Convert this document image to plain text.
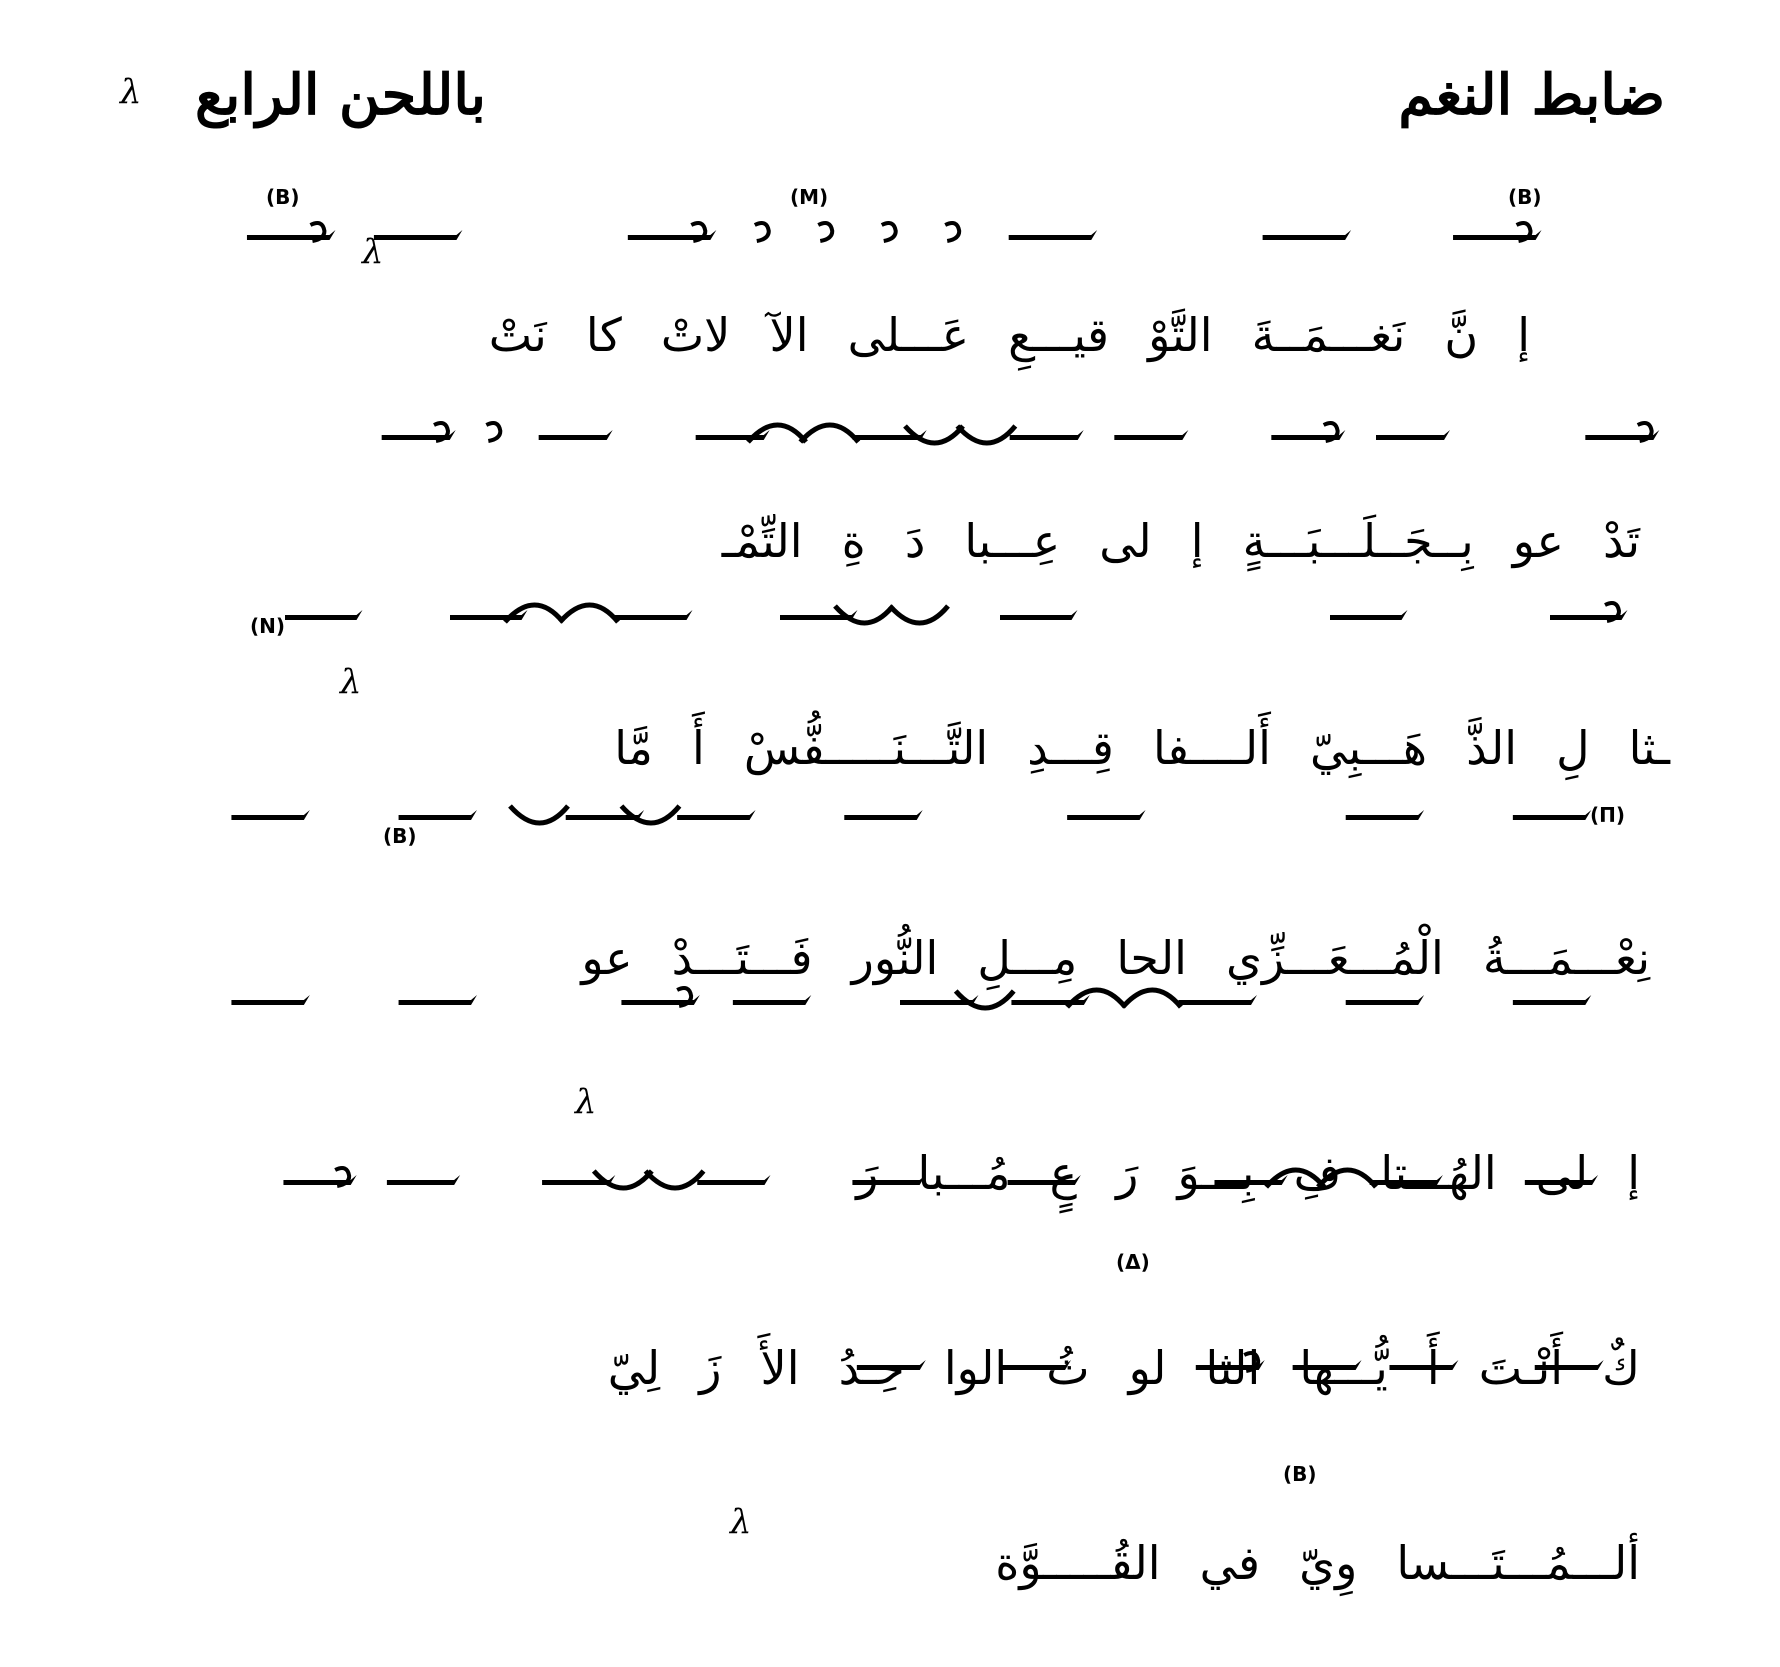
ضابط النغم
باللحن الرابع
λ
(B)	(M)	(B)
(N)
(B)
(Π)
(Δ)
(B)
λ
λ
λ
λ
إنَّنَغـــمَــةَالتَّوْقيـــعِعَـــلىالآلاتْكانَتْ
تَدْعوبِــجَــلَـــبَـــةٍإلىعِـــبادَةِالتِّمْـ
ـثالِالذَّهَـــبِيّأَلــــفاقِـــدِالتَّـــنَـــــفُّسْأَمَّا
نِعْـــمَـــةُالْمُـــعَـــزِّيالحامِـــلِالنُّورفَـــتَـــدْعو
إلىالهُـــتافِبِـــوَرَعٍمُـــبارَ
كٌأَنْـتَأَيُّـــهاالثالوثُالواحِـدُالأَزَلِيّ
ألـــمُـــتَـــساوِيّفيالقُـــــوَّة
